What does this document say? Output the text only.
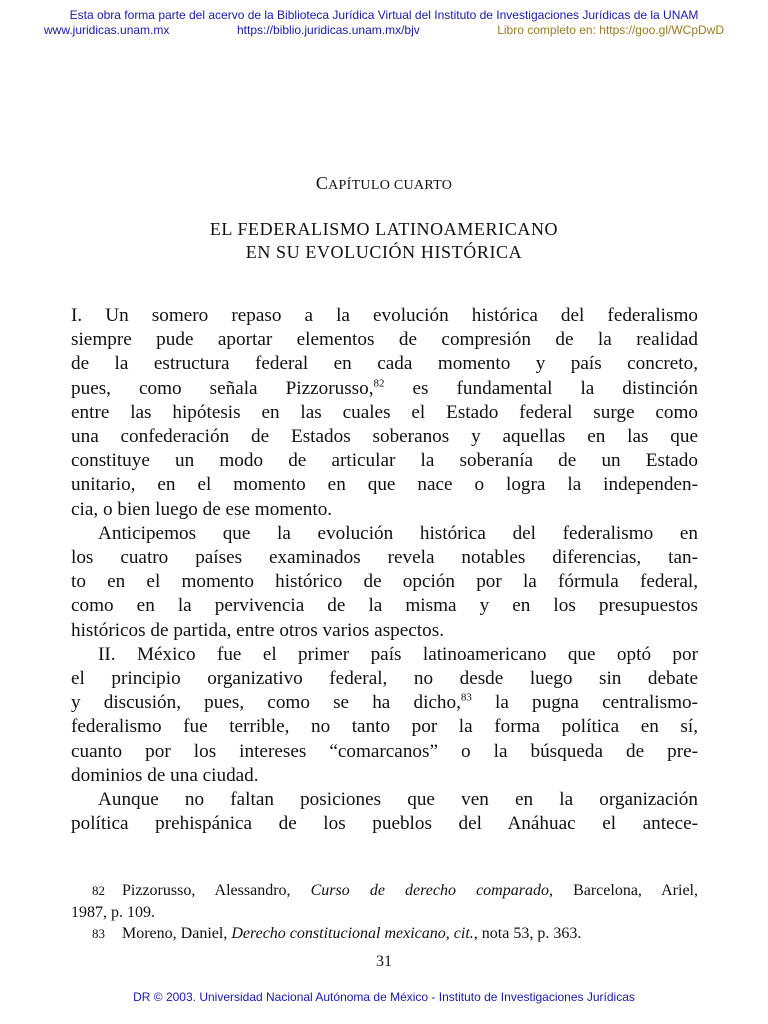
Esta obra forma parte del acervo de la Biblioteca Jurídica Virtual del Instituto de Investigaciones Jurídicas de la UNAM
www.juridicas.unam.mx	https://biblio.juridicas.unam.mx/bjv	Libro completo en: https://goo.gl/WCpDwD
CAPÍTULO CUARTO
EL FEDERALISMO LATINOAMERICANO
EN SU EVOLUCIÓN HISTÓRICA

I. Un somero repaso a la evolución histórica del federalismo

siempre pude aportar elementos de compresión de la realidad

de la estructura federal en cada momento y país concreto,

pues, como señala Pizzorusso,$^{82}$ es fundamental la distinción

entre las hipótesis en las cuales el Estado federal surge como

una confederación de Estados soberanos y aquellas en las que

constituye un modo de articular la soberanía de un Estado

unitario, en el momento en que nace o logra la independen-

cia, o bien luego de ese momento.

Anticipemos que la evolución histórica del federalismo en

los cuatro países examinados revela notables diferencias, tan-

to en el momento histórico de opción por la fórmula federal,

como en la pervivencia de la misma y en los presupuestos

históricos de partida, entre otros varios aspectos.

II. México fue el primer país latinoamericano que optó por

el principio organizativo federal, no desde luego sin debate

y discusión, pues, como se ha dicho,$^{83}$ la pugna centralismo-

federalismo fue terrible, no tanto por la forma política en sí,

cuanto por los intereses “comarcanos” o la búsqueda de pre-

dominios de una ciudad.

Aunque no faltan posiciones que ven en la organización

política prehispánica de los pueblos del Anáhuac el antece-

82 Pizzorusso, Alessandro, Curso de derecho comparado, Barcelona, Ariel,

1987, p. 109.

83 Moreno, Daniel, Derecho constitucional mexicano, cit., nota 53, p. 363.

31
DR © 2003. Universidad Nacional Autónoma de México - Instituto de Investigaciones Jurídicas
